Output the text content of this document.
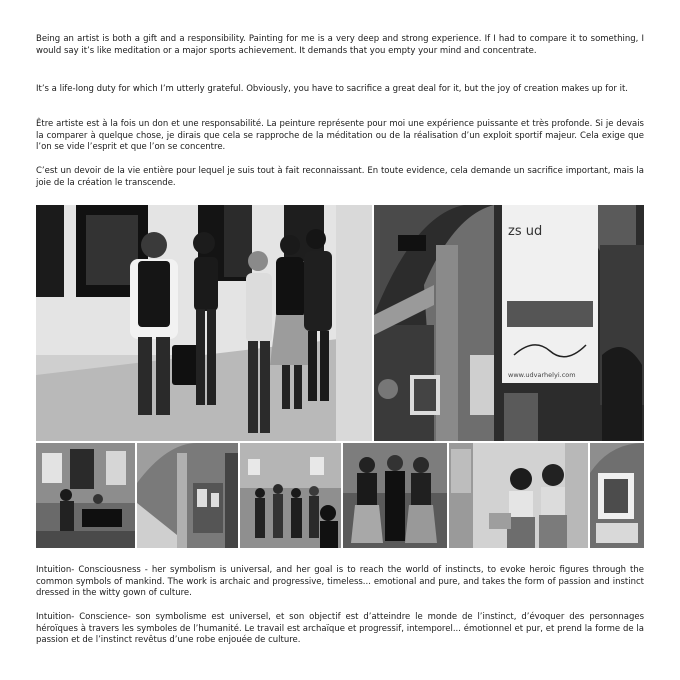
Being an artist is both a gift and a responsibility. Painting for me is a very deep and strong experience. If I had to compare it to something, I would say it’s like meditation or a major sports achievement. It demands that you empty your mind and concentrate.

It’s a life-long duty for which I’m utterly grateful. Obviously, you have to sacrifice a great deal for it, but the joy of creation makes up for it.

Être artiste est à la fois un don et une responsabilité. La peinture représente pour moi une expérience puissante et très profonde. Si je devais la comparer à quelque chose, je dirais que cela se rapproche de la méditation ou de la réalisation d’un exploit sportif majeur. Cela exige que l’on se vide l’esprit et que l’on se concentre.

C’est un devoir de la vie entière pour lequel je suis tout à fait reconnaissant. En toute evidence, cela demande un sacrifice important, mais la joie de la création le transcende.

zs ud
www.udvarhelyi.com

Intuition- Consciousness - her symbolism is universal, and her goal is to reach the world of instincts, to evoke heroic figures through the common symbols of mankind. The work is archaic and progressive, timeless... emotional and pure, and takes the form of passion and instinct dressed in the witty gown of culture.

Intuition- Conscience- son symbolisme est universel, et son objectif est d’atteindre le monde de l’instinct, d’évoquer des personnages héroïques à travers les symboles de l’humanité. Le travail est archaïque et progressif, intemporel... émotionnel et pur, et prend la forme de la passion et de l’instinct revêtus d’une robe enjouée de culture.
